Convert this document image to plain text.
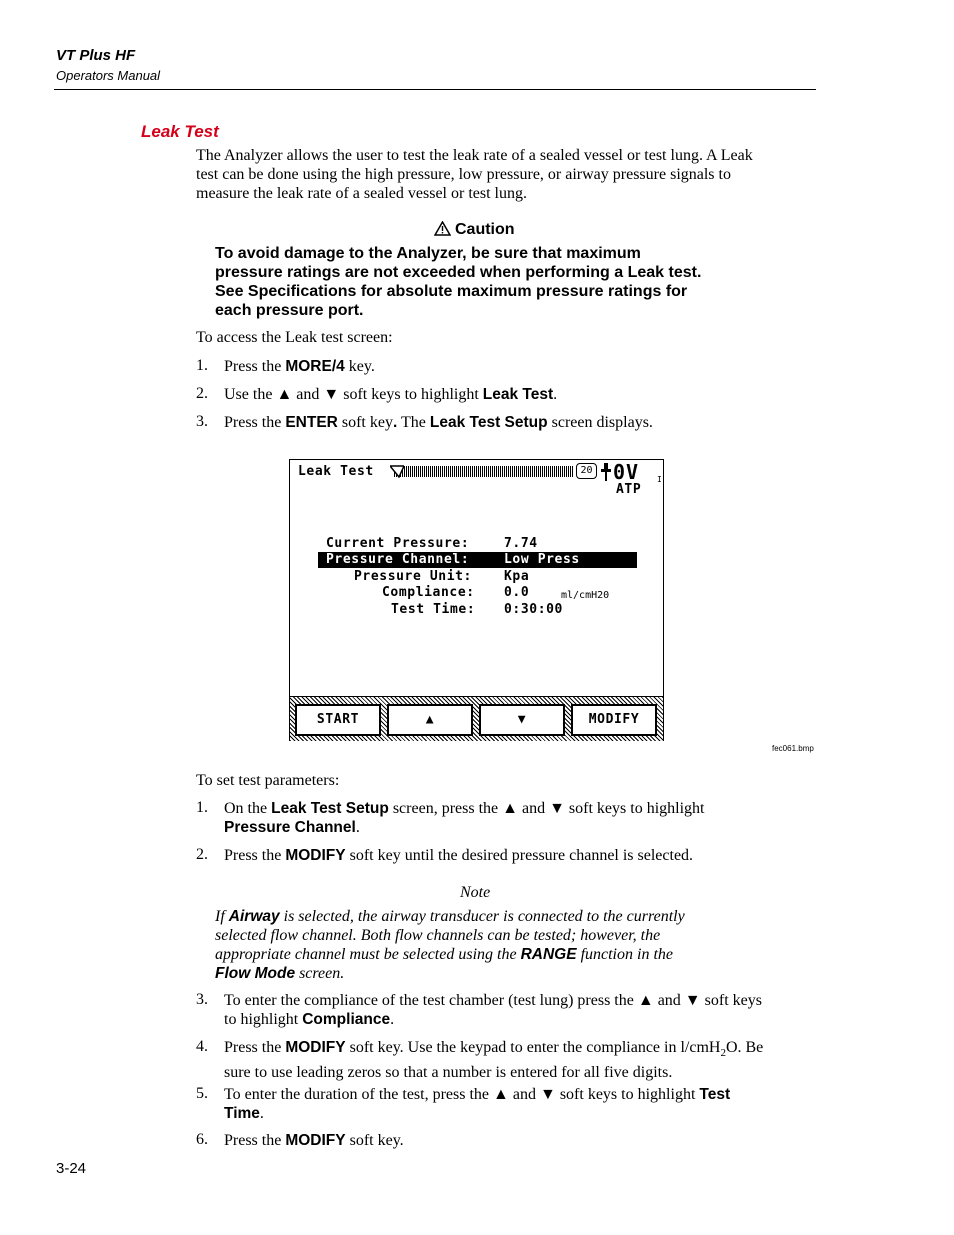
VT Plus HF
Operators Manual
Leak Test
The Analyzer allows the user to test the leak rate of a sealed vessel or test lung. A Leak
test can be done using the high pressure, low pressure, or airway pressure signals to
measure the leak rate of a sealed vessel or test lung.
Caution
To avoid damage to the Analyzer, be sure that maximum
pressure ratings are not exceeded when performing a Leak test.
See Specifications for absolute maximum pressure ratings for
each pressure port.
To access the Leak test screen:
1. Press the MORE/4 key.
2. Use the ▲ and ▼ soft keys to highlight Leak Test.
3. Press the ENTER soft key. The Leak Test Setup screen displays.
Leak Test	20 0V I
ATP
Current Pressure:	7.74
Pressure Channel:	Low Press
Pressure Unit: Kpa
Compliance: 0.0	ml/cmH20
Test Time: 0:30:00
START	▲	▼	MODIFY
fec061.bmp
To set test parameters:
1. On the Leak Test Setup screen, press the ▲ and ▼ soft keys to highlight
Pressure Channel.
2. Press the MODIFY soft key until the desired pressure channel is selected.
Note
If Airway is selected, the airway transducer is connected to the currently
selected flow channel. Both flow channels can be tested; however, the
appropriate channel must be selected using the RANGE function in the
Flow Mode screen.
3. To enter the compliance of the test chamber (test lung) press the ▲ and ▼ soft keys
to highlight Compliance.
4. Press the MODIFY soft key. Use the keypad to enter the compliance in l/cmH$_2$O. Be
sure to use leading zeros so that a number is entered for all five digits.
5. To enter the duration of the test, press the ▲ and ▼ soft keys to highlight Test
Time.
6. Press the MODIFY soft key.
3-24
